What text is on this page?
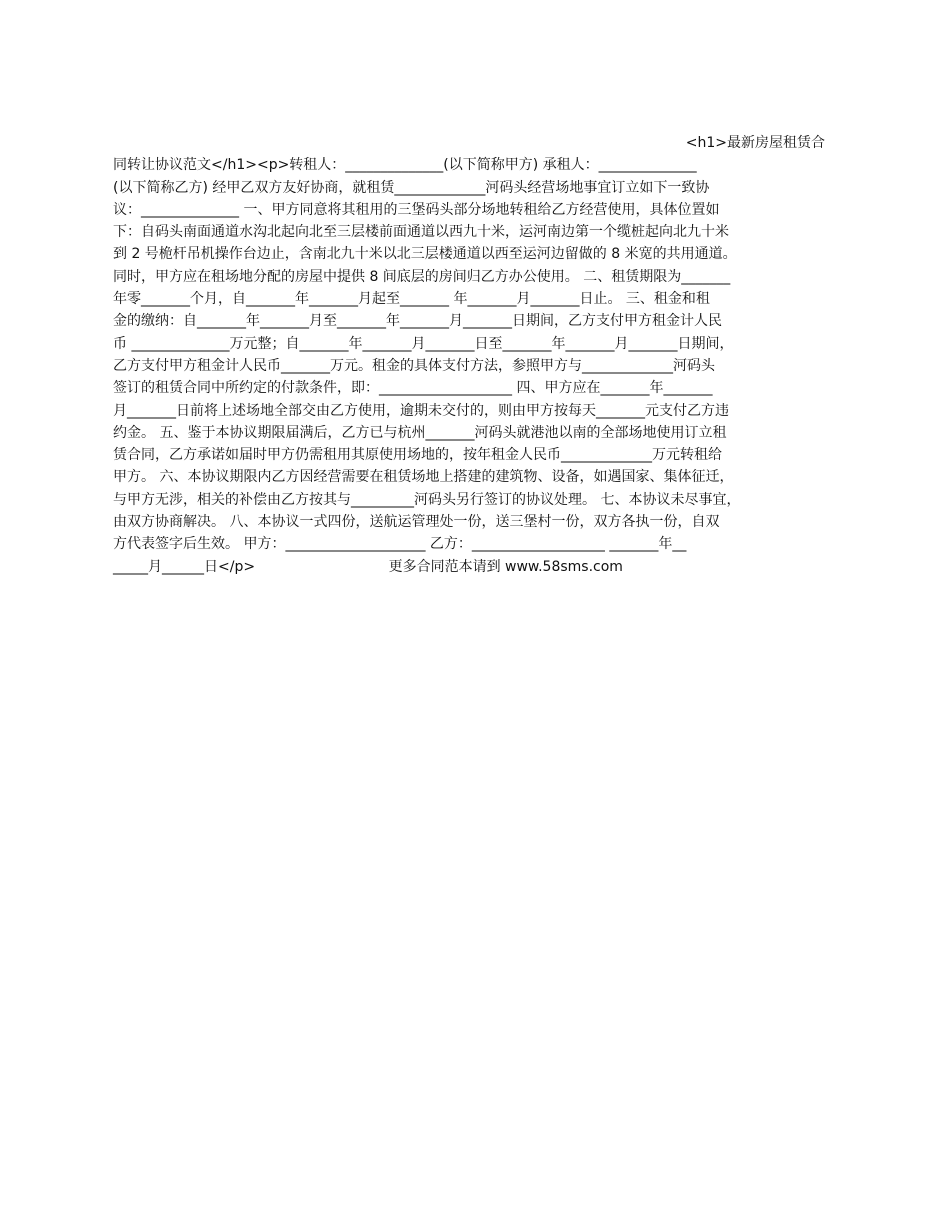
<h1>最新房屋租赁合
同转让协议范文</h1><p>转租人：______________(以下简称甲方) 承租人：______________
(以下简称乙方) 经甲乙双方友好协商，就租赁_____________河码头经营场地事宜订立如下一致协
议：______________ 一、甲方同意将其租用的三堡码头部分场地转租给乙方经营使用，具体位置如
下：自码头南面通道水沟北起向北至三层楼前面通道以西九十米，运河南边第一个缆桩起向北九十米
到 2 号桅杆吊机操作台边止，含南北九十米以北三层楼通道以西至运河边留做的 8 米宽的共用通道。
同时，甲方应在租场地分配的房屋中提供 8 间底层的房间归乙方办公使用。 二、租赁期限为_______
年零_______个月，自_______年_______月起至_______ 年_______月_______日止。 三、租金和租
金的缴纳：自_______年_______月至_______年_______月_______日期间，乙方支付甲方租金计人民
币 ______________万元整；自_______年_______月_______日至_______年_______月_______日期间，
乙方支付甲方租金计人民币_______万元。租金的具体支付方法，参照甲方与_____________河码头
签订的租赁合同中所约定的付款条件，即：___________________ 四、甲方应在_______年_______
月_______日前将上述场地全部交由乙方使用，逾期未交付的，则由甲方按每天_______元支付乙方违
约金。 五、鉴于本协议期限届满后，乙方已与杭州_______河码头就港池以南的全部场地使用订立租
赁合同，乙方承诺如届时甲方仍需租用其原使用场地的，按年租金人民币_____________万元转租给
甲方。 六、本协议期限内乙方因经营需要在租赁场地上搭建的建筑物、设备，如遇国家、集体征迁，
与甲方无涉，相关的补偿由乙方按其与_________河码头另行签订的协议处理。 七、本协议未尽事宜，
由双方协商解决。 八、本协议一式四份，送航运管理处一份，送三堡村一份，双方各执一份，自双
方代表签字后生效。 甲方：____________________ 乙方：___________________ _______年__
_____月______日</p>                              更多合同范本请到 www.58sms.com
